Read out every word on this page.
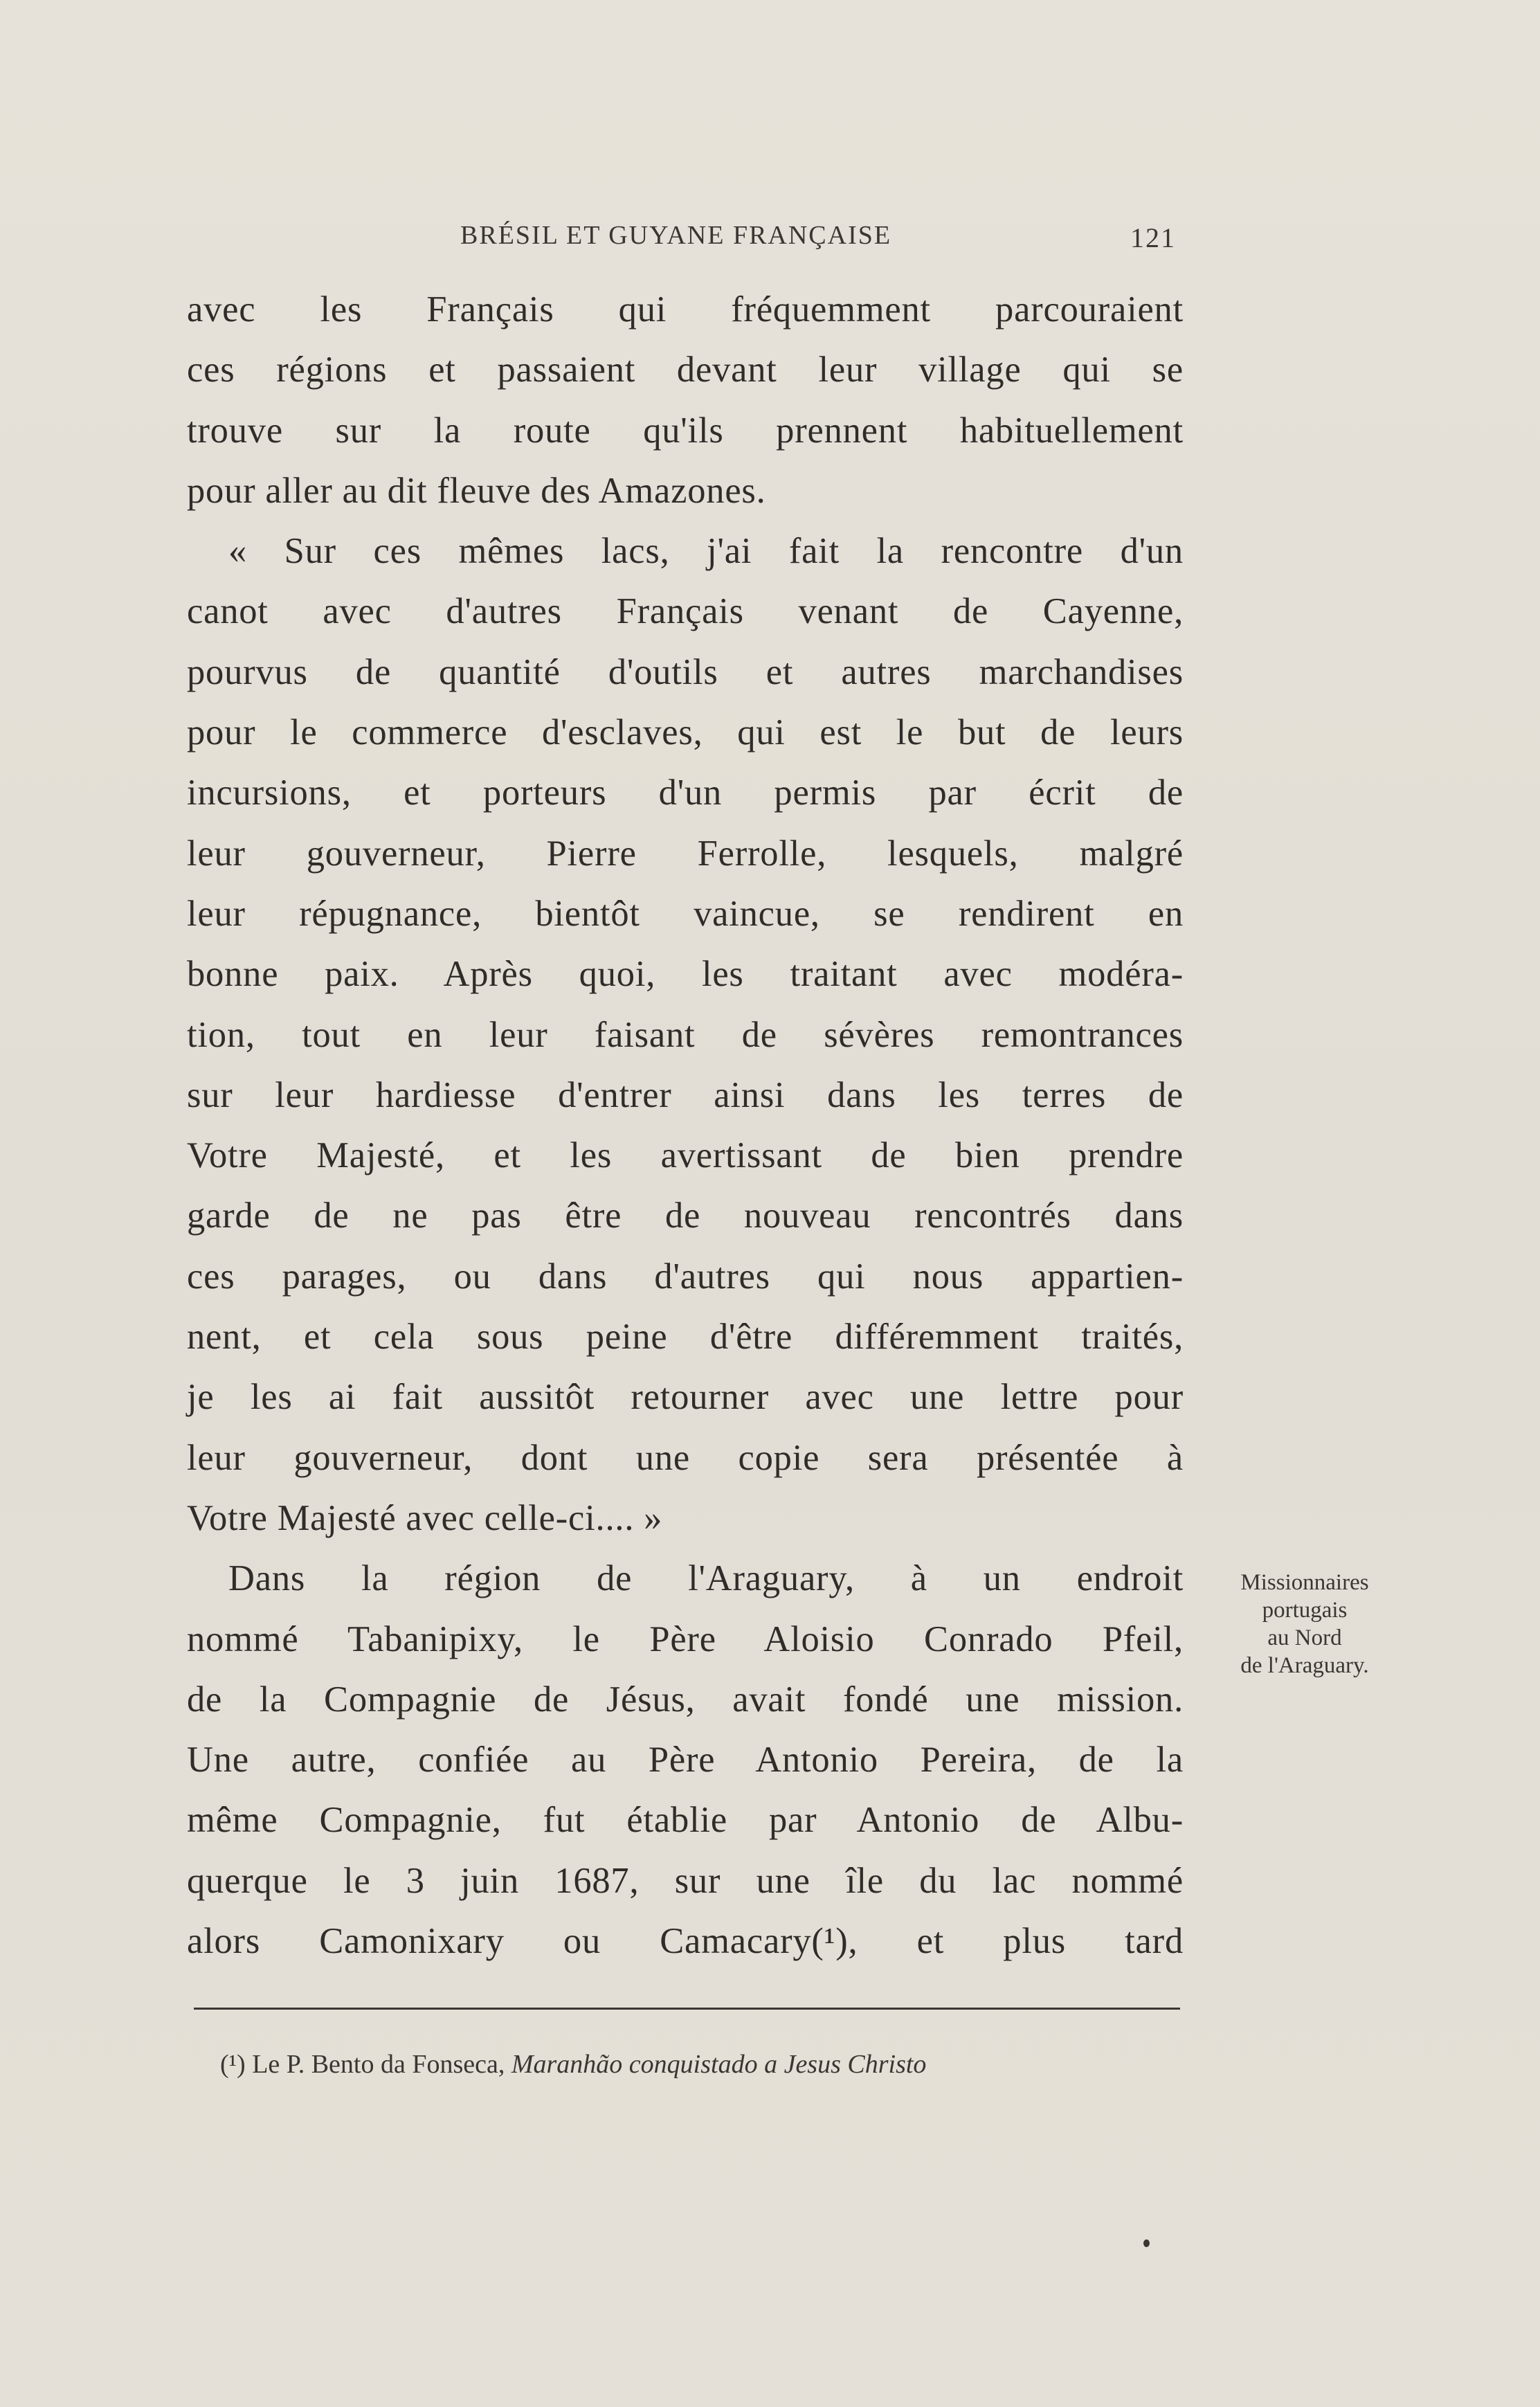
BRÉSIL ET GUYANE FRANÇAISE	121
avec les Français qui fréquemment parcouraient
ces régions et passaient devant leur village qui se
trouve sur la route qu'ils prennent habituellement
pour aller au dit fleuve des Amazones.
« Sur ces mêmes lacs, j'ai fait la rencontre d'un
canot avec d'autres Français venant de Cayenne,
pourvus de quantité d'outils et autres marchandises
pour le commerce d'esclaves, qui est le but de leurs
incursions, et porteurs d'un permis par écrit de
leur gouverneur, Pierre Ferrolle, lesquels, malgré
leur répugnance, bientôt vaincue, se rendirent en
bonne paix. Après quoi, les traitant avec modéra-
tion, tout en leur faisant de sévères remontrances
sur leur hardiesse d'entrer ainsi dans les terres de
Votre Majesté, et les avertissant de bien prendre
garde de ne pas être de nouveau rencontrés dans
ces parages, ou dans d'autres qui nous appartien-
nent, et cela sous peine d'être différemment traités,
je les ai fait aussitôt retourner avec une lettre pour
leur gouverneur, dont une copie sera présentée à
Votre Majesté avec celle-ci.... »
Dans la région de l'Araguary, à un endroit
nommé Tabanipixy, le Père Aloisio Conrado Pfeil,
de la Compagnie de Jésus, avait fondé une mission.
Une autre, confiée au Père Antonio Pereira, de la
même Compagnie, fut établie par Antonio de Albu-
querque le 3 juin 1687, sur une île du lac nommé
alors Camonixary ou Camacary(¹), et plus tard
Missionnaires
portugais
au Nord
de l'Araguary.
(¹) Le P. Bento da Fonseca, Maranhão conquistado a Jesus Christo
